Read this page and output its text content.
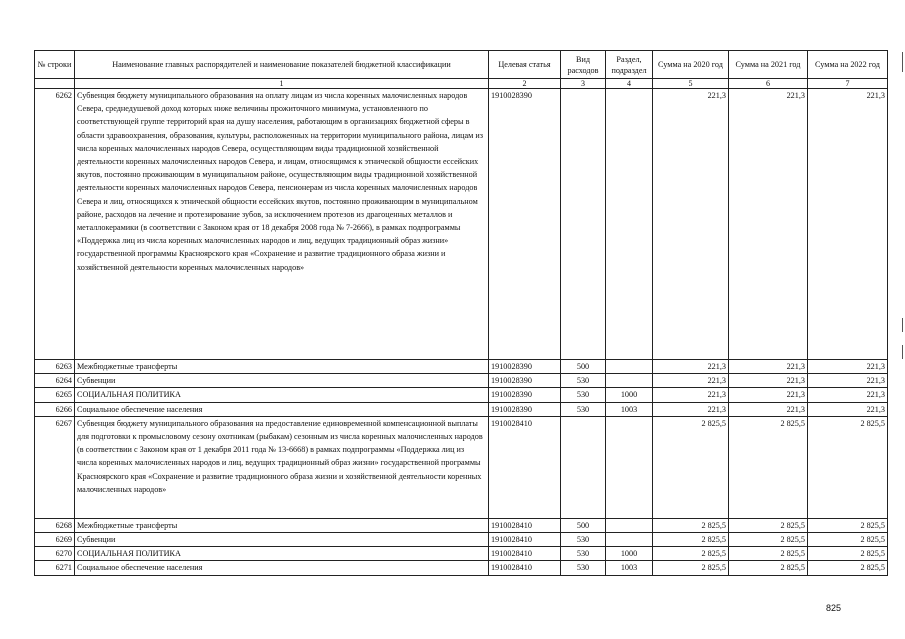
№ строки	Наименование главных распорядителей и наименование показателей бюджетной классификации	Целевая статья	Вид расходов	Раздел, подраздел	Сумма на 2020 год	Сумма на 2021 год	Сумма на 2022 год
	1	2	3	4	5	6	7
6262	Субвенция бюджету муниципального образования на оплату лицам из числа коренных малочисленных народов Севера, среднедушевой доход которых ниже величины прожиточного минимума, установленного по соответствующей группе территорий края на душу населения, работающим в организациях бюджетной сферы в области здравоохранения, образования, культуры, расположенных на территории муниципального района, лицам из числа коренных малочисленных народов Севера, осуществляющим виды традиционной хозяйственной деятельности коренных малочисленных народов Севера, и лицам, относящимся к этнической общности ессейских якутов, постоянно проживающим в муниципальном районе, осуществляющим виды традиционной хозяйственной деятельности коренных малочисленных народов Севера, пенсионерам из числа коренных малочисленных народов Севера и лиц, относящихся к этнической общности ессейских якутов, постоянно проживающим в муниципальном районе, расходов на лечение и протезирование зубов, за исключением протезов из драгоценных металлов и металлокерамики (в соответствии с Законом края от 18 декабря 2008 года № 7-2666), в рамках подпрограммы «Поддержка лиц из числа коренных малочисленных народов и лиц, ведущих традиционный образ жизни» государственной программы Красноярского края «Сохранение и развитие традиционного образа жизни и хозяйственной деятельности коренных малочисленных народов»	1910028390			221,3	221,3	221,3
6263	Межбюджетные трансферты	1910028390	500		221,3	221,3	221,3
6264	Субвенции	1910028390	530		221,3	221,3	221,3
6265	СОЦИАЛЬНАЯ ПОЛИТИКА	1910028390	530	1000	221,3	221,3	221,3
6266	Социальное обеспечение населения	1910028390	530	1003	221,3	221,3	221,3
6267	Субвенция бюджету муниципального образования на предоставление единовременной компенсационной выплаты для подготовки к промысловому сезону охотникам (рыбакам) сезонным из числа коренных малочисленных народов (в соответствии с Законом края от 1 декабря 2011 года № 13-6668) в рамках подпрограммы «Поддержка лиц из числа коренных малочисленных народов и лиц, ведущих традиционный образ жизни» государственной программы Красноярского края «Сохранение и развитие традиционного образа жизни и хозяйственной деятельности коренных малочисленных народов»	1910028410			2 825,5	2 825,5	2 825,5
6268	Межбюджетные трансферты	1910028410	500		2 825,5	2 825,5	2 825,5
6269	Субвенции	1910028410	530		2 825,5	2 825,5	2 825,5
6270	СОЦИАЛЬНАЯ ПОЛИТИКА	1910028410	530	1000	2 825,5	2 825,5	2 825,5
6271	Социальное обеспечение населения	1910028410	530	1003	2 825,5	2 825,5	2 825,5
825
